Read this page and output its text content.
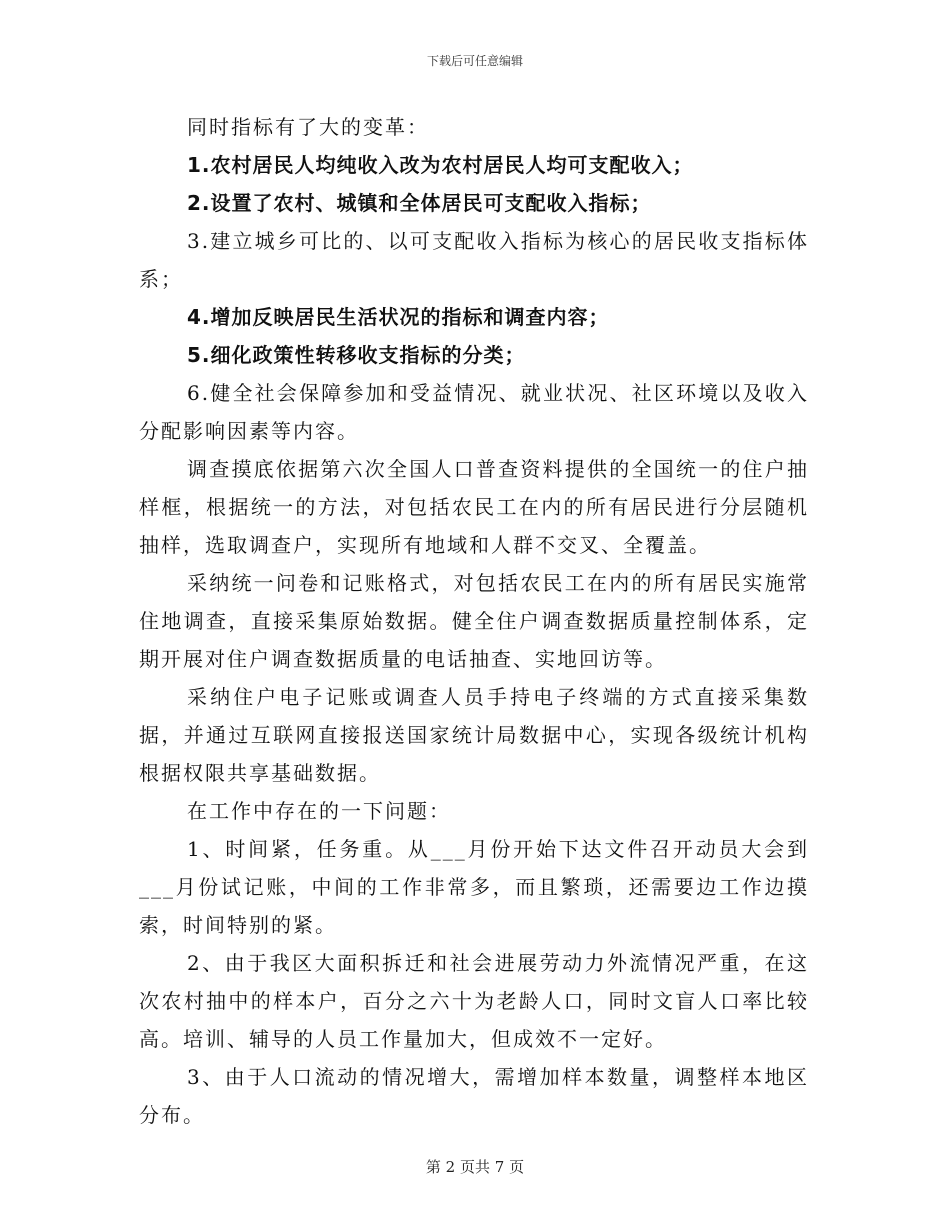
下载后可任意编辑

同时指标有了大的变革：

1.农村居民人均纯收入改为农村居民人均可支配收入；

2.设置了农村、城镇和全体居民可支配收入指标；

3.建立城乡可比的、以可支配收入指标为核心的居民收支指标体系；

4.增加反映居民生活状况的指标和调查内容；

5.细化政策性转移收支指标的分类；

6.健全社会保障参加和受益情况、就业状况、社区环境以及收入分配影响因素等内容。

调查摸底依据第六次全国人口普查资料提供的全国统一的住户抽样框，根据统一的方法，对包括农民工在内的所有居民进行分层随机抽样，选取调查户，实现所有地域和人群不交叉、全覆盖。

采纳统一问卷和记账格式，对包括农民工在内的所有居民实施常住地调查，直接采集原始数据。健全住户调查数据质量控制体系，定期开展对住户调查数据质量的电话抽查、实地回访等。

采纳住户电子记账或调查人员手持电子终端的方式直接采集数据，并通过互联网直接报送国家统计局数据中心，实现各级统计机构根据权限共享基础数据。

在工作中存在的一下问题：

1、时间紧，任务重。从___月份开始下达文件召开动员大会到___月份试记账，中间的工作非常多，而且繁琐，还需要边工作边摸索，时间特别的紧。

2、由于我区大面积拆迁和社会进展劳动力外流情况严重，在这次农村抽中的样本户，百分之六十为老龄人口，同时文盲人口率比较高。培训、辅导的人员工作量加大，但成效不一定好。

3、由于人口流动的情况增大，需增加样本数量，调整样本地区分布。

第 2 页共 7 页
